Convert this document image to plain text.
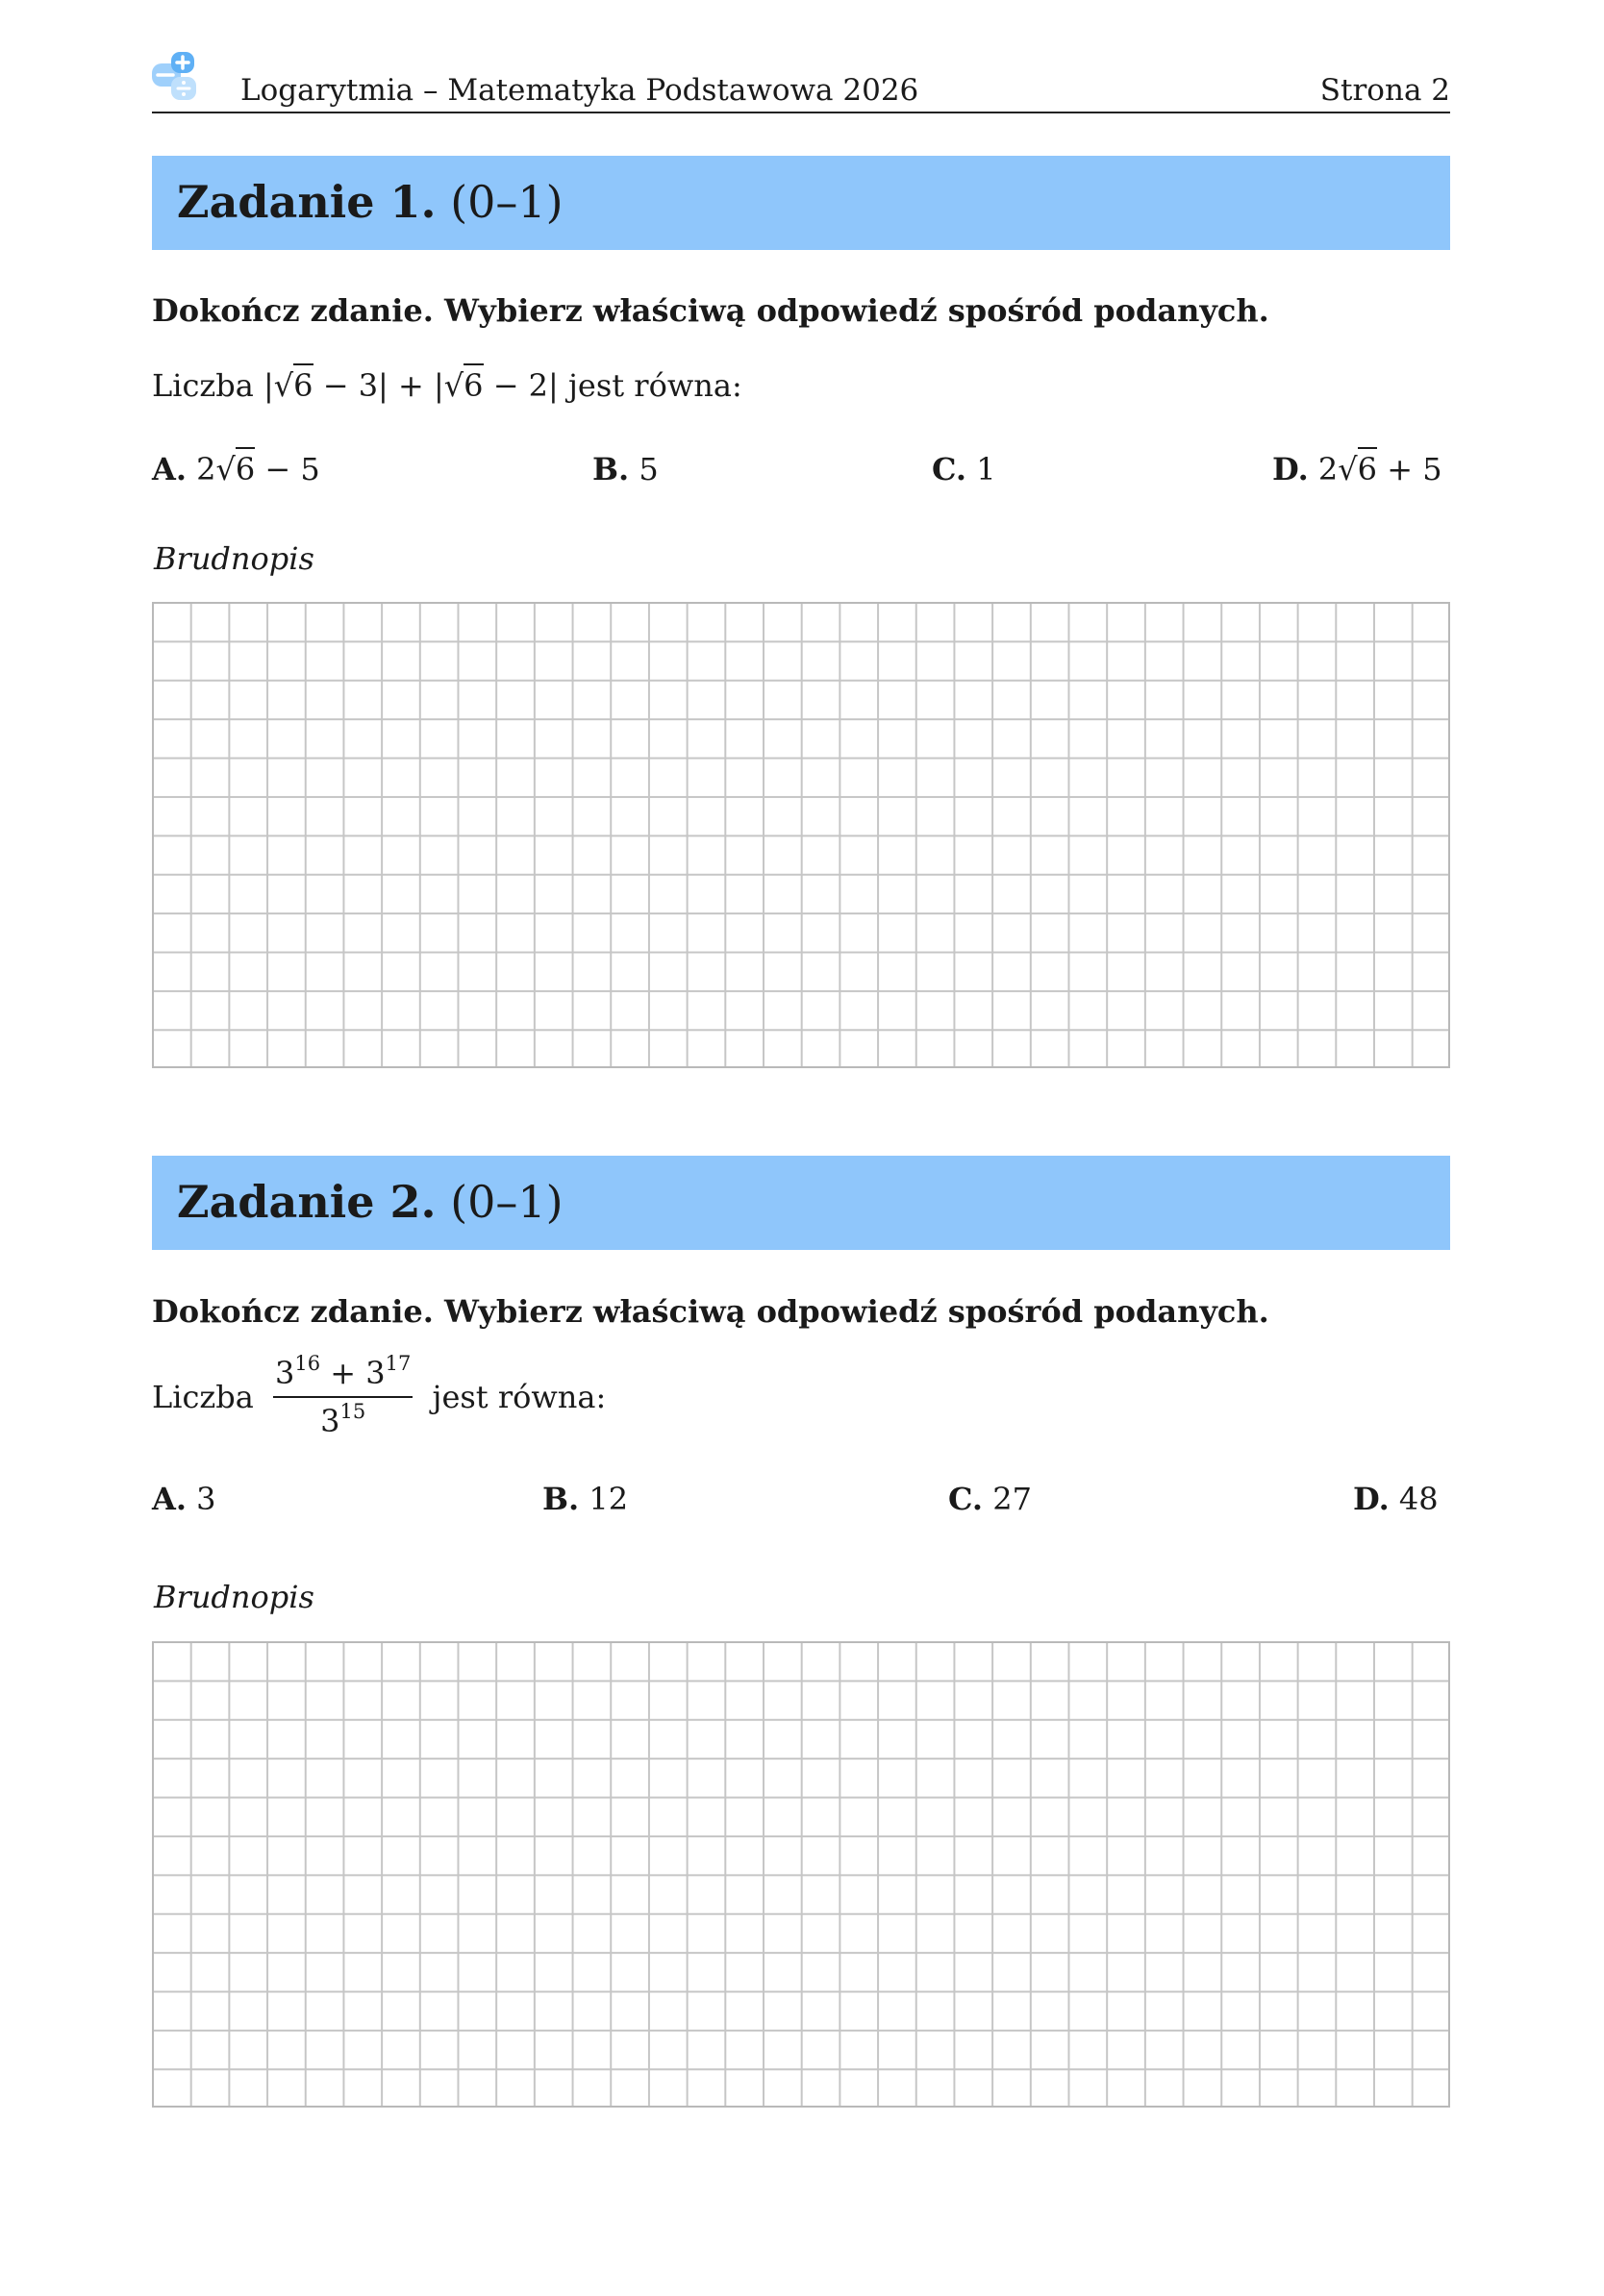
Logarytmia – Matematyka Podstawowa 2026	Strona 2
Zadanie 1. (0–1)
Dokończ zdanie. Wybierz właściwą odpowiedź spośród podanych.
Liczba |√6 − 3| + |√6 − 2| jest równa:
A. 2√6 − 5	B. 5	C. 1	D. 2√6 + 5
Brudnopis
Zadanie 2. (0–1)
Dokończ zdanie. Wybierz właściwą odpowiedź spośród podanych.
Liczba $\frac{3^{16} + 3^{17}}{3^{15}}$ jest równa:
A. 3	B. 12	C. 27	D. 48
Brudnopis
